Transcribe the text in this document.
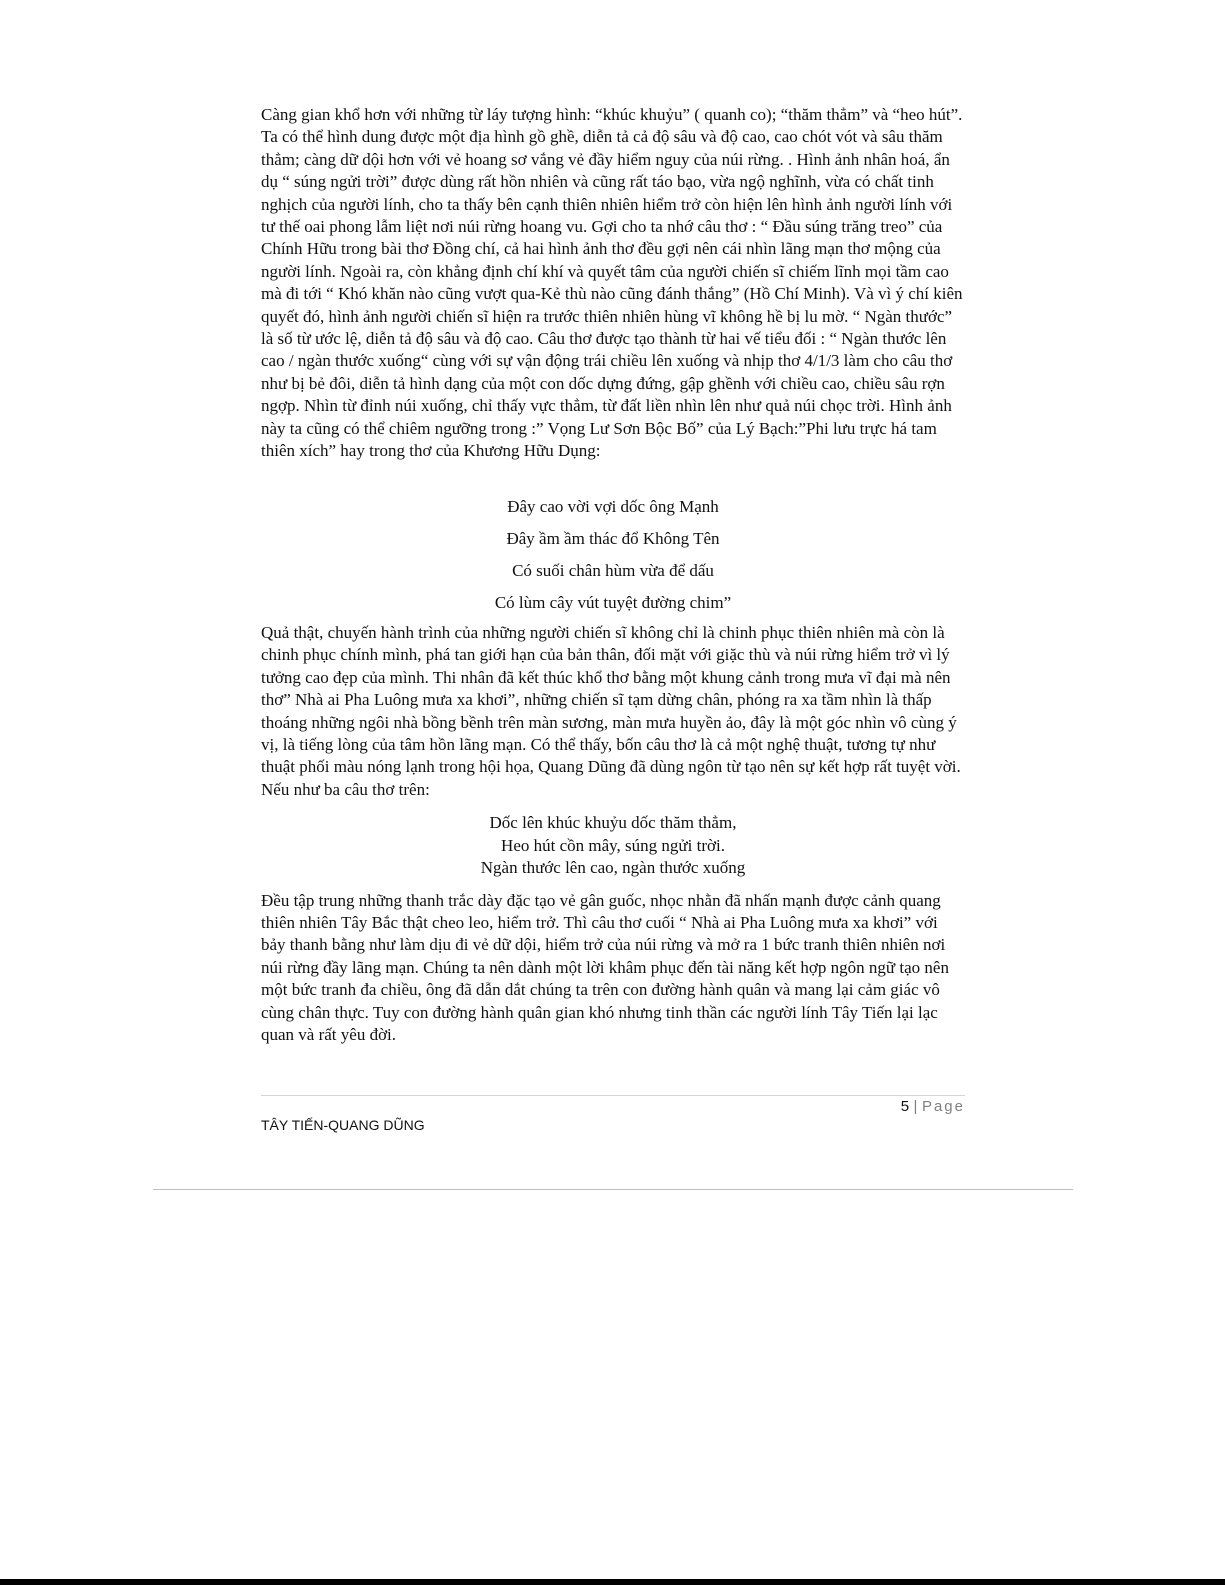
Càng gian khổ hơn với những từ láy tượng hình: “khúc khuỷu” ( quanh co); “thăm thẳm” và “heo hút”. Ta có thể hình dung được một địa hình gồ ghề, diễn tả cả độ sâu và độ cao, cao chót vót và sâu thăm thẳm; càng dữ dội hơn với vẻ hoang sơ vắng vẻ đầy hiểm nguy của núi rừng. . Hình ảnh nhân hoá, ẩn dụ “ súng ngửi trời” được dùng rất hồn nhiên và cũng rất táo bạo, vừa ngộ nghĩnh, vừa có chất tinh nghịch của người lính, cho ta thấy bên cạnh thiên nhiên hiểm trở còn hiện lên hình ảnh người lính với tư thế oai phong lẫm liệt nơi núi rừng hoang vu. Gợi cho ta nhớ câu thơ : “ Đầu súng trăng treo” của Chính Hữu trong bài thơ Đồng chí, cả hai hình ảnh thơ đều gợi nên cái nhìn lãng mạn thơ mộng của người lính. Ngoài ra, còn khẳng định chí khí và quyết tâm của người chiến sĩ chiếm lĩnh mọi tầm cao mà đi tới “ Khó khăn nào cũng vượt qua-Kẻ thù nào cũng đánh thắng” (Hồ Chí Minh). Và vì ý chí kiên quyết đó, hình ảnh người chiến sĩ hiện ra trước thiên nhiên hùng vĩ không hề bị lu mờ. “ Ngàn thước” là số từ ước lệ, diễn tả độ sâu và độ cao. Câu thơ được tạo thành từ hai vế tiểu đối : “ Ngàn thước lên cao / ngàn thước xuống“ cùng với sự vận động trái chiều lên xuống và nhịp thơ 4/1/3 làm cho câu thơ như bị bẻ đôi, diễn tả hình dạng của một con dốc dựng đứng, gập ghềnh với chiều cao, chiều sâu rợn ngợp. Nhìn từ đỉnh núi xuống, chỉ thấy vực thẳm, từ đất liền nhìn lên như quả núi chọc trời. Hình ảnh này ta cũng có thể chiêm ngưỡng trong :” Vọng Lư Sơn Bộc Bố” của Lý Bạch:”Phi lưu trực há tam thiên xích” hay trong thơ của Khương Hữu Dụng:

Đây cao vời vợi dốc ông Mạnh
Đây ầm ầm thác đổ Không Tên
Có suối chân hùm vừa để dấu
Có lùm cây vút tuyệt đường chim”

Quả thật, chuyến hành trình của những người chiến sĩ không chỉ là chinh phục thiên nhiên mà còn là chinh phục chính mình, phá tan giới hạn của bản thân, đối mặt với giặc thù và núi rừng hiểm trở vì lý tưởng cao đẹp của mình. Thi nhân đã kết thúc khổ thơ bằng một khung cảnh trong mưa vĩ đại mà nên thơ” Nhà ai Pha Luông mưa xa khơi”, những chiến sĩ tạm dừng chân, phóng ra xa tầm nhìn là thấp thoáng những ngôi nhà bồng bềnh trên màn sương, màn mưa huyền ảo, đây là một góc nhìn vô cùng ý vị, là tiếng lòng của tâm hồn lãng mạn. Có thể thấy, bốn câu thơ là cả một nghệ thuật, tương tự như thuật phối màu nóng lạnh trong hội họa, Quang Dũng đã dùng ngôn từ tạo nên sự kết hợp rất tuyệt vời. Nếu như ba câu thơ trên:

Dốc lên khúc khuỷu dốc thăm thẳm,
Heo hút cồn mây, súng ngửi trời.
Ngàn thước lên cao, ngàn thước xuống

Đều tập trung những thanh trắc dày đặc tạo vẻ gân guốc, nhọc nhằn đã nhấn mạnh được cảnh quang thiên nhiên Tây Bắc thật cheo leo, hiểm trở. Thì câu thơ cuối “ Nhà ai Pha Luông mưa xa khơi” với bảy thanh bằng như làm dịu đi vẻ dữ dội, hiểm trở của núi rừng và mở ra 1 bức tranh thiên nhiên nơi núi rừng đầy lãng mạn. Chúng ta nên dành một lời khâm phục đến tài năng kết hợp ngôn ngữ tạo nên một bức tranh đa chiều, ông đã dẫn dắt chúng ta trên con đường hành quân và mang lại cảm giác vô cùng chân thực. Tuy con đường hành quân gian khó nhưng tinh thần các người lính Tây Tiến lại lạc quan và rất yêu đời.

5 | Page
TÂY TIẾN-QUANG DŨNG
